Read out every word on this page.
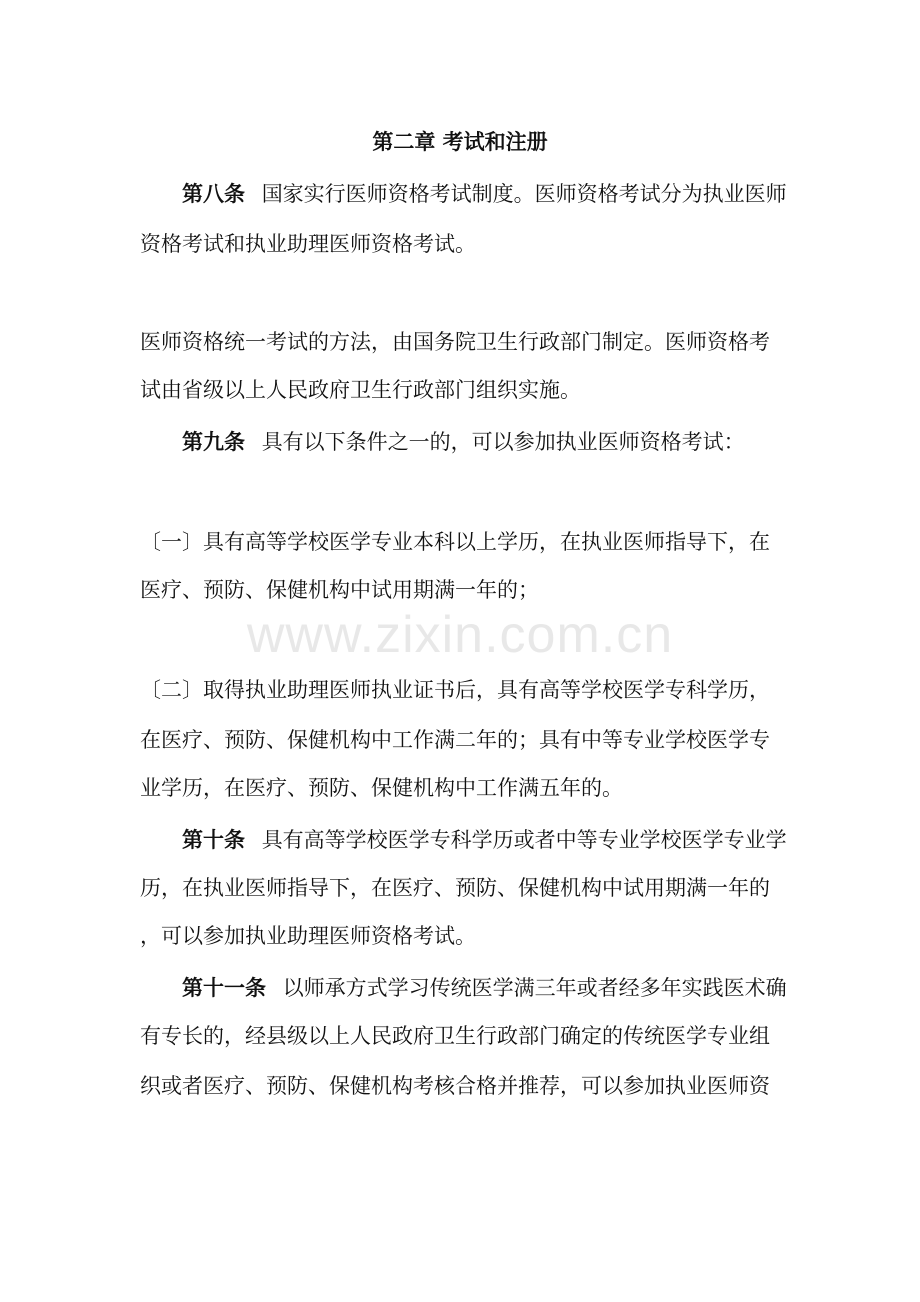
第二章 考试和注册
第八条 国家实行医师资格考试制度。医师资格考试分为执业医师
资格考试和执业助理医师资格考试。
医师资格统一考试的方法，由国务院卫生行政部门制定。医师资格考
试由省级以上人民政府卫生行政部门组织实施。
第九条 具有以下条件之一的，可以参加执业医师资格考试：
〔一〕具有高等学校医学专业本科以上学历，在执业医师指导下，在
医疗、预防、保健机构中试用期满一年的；
www.zixin.com.cn
〔二〕取得执业助理医师执业证书后，具有高等学校医学专科学历，
在医疗、预防、保健机构中工作满二年的；具有中等专业学校医学专
业学历，在医疗、预防、保健机构中工作满五年的。
第十条 具有高等学校医学专科学历或者中等专业学校医学专业学
历，在执业医师指导下，在医疗、预防、保健机构中试用期满一年的
，可以参加执业助理医师资格考试。
第十一条 以师承方式学习传统医学满三年或者经多年实践医术确
有专长的，经县级以上人民政府卫生行政部门确定的传统医学专业组
织或者医疗、预防、保健机构考核合格并推荐，可以参加执业医师资
